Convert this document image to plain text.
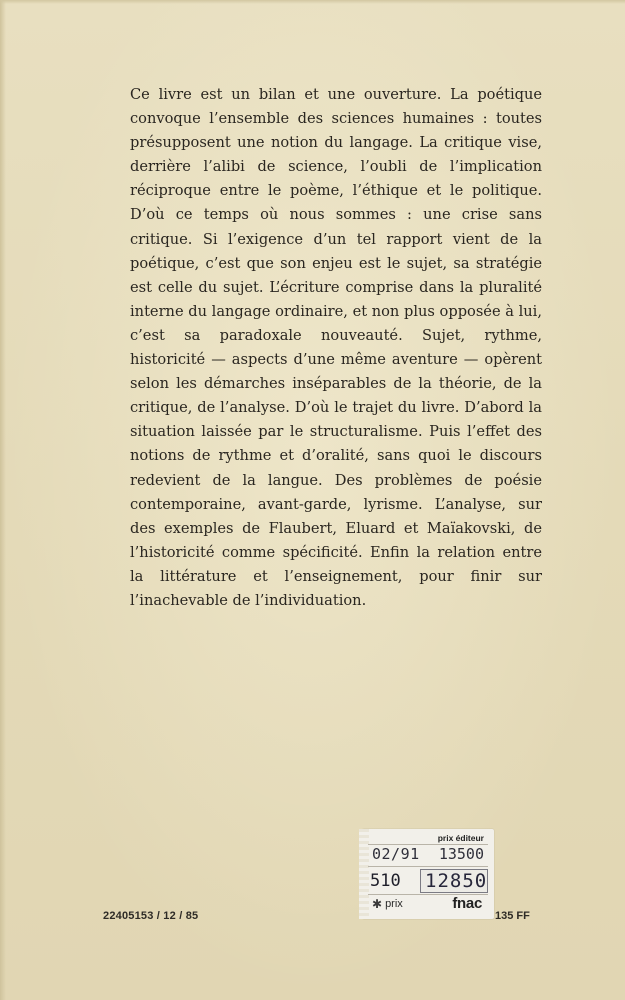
Ce livre est un bilan et une ouverture. La poétique convoque l’ensemble des sciences humaines : toutes présupposent une notion du langage. La critique vise, derrière l’alibi de science, l’oubli de l’implication réciproque entre le poème, l’éthique et le politique. D’où ce temps où nous sommes : une crise sans critique. Si l’exigence d’un tel rapport vient de la poétique, c’est que son enjeu est le sujet, sa stratégie est celle du sujet. L’écriture comprise dans la pluralité interne du langage ordinaire, et non plus opposée à lui, c’est sa paradoxale nouveauté. Sujet, rythme, historicité — aspects d’une même aventure — opèrent selon les démarches inséparables de la théorie, de la critique, de l’analyse. D’où le trajet du livre. D’abord la situation laissée par le structuralisme. Puis l’effet des notions de rythme et d’oralité, sans quoi le discours redevient de la langue. Des problèmes de poésie contemporaine, avant-garde, lyrisme. L’analyse, sur des exemples de Flaubert, Eluard et Maïakovski, de l’historicité comme spécificité. Enfin la relation entre la littérature et l’enseignement, pour finir sur l’inachevable de l’individuation.

22405153 / 12 / 85	135 FF
prix éditeur
02/91 13500
510 12850
✱ prix	fnac
